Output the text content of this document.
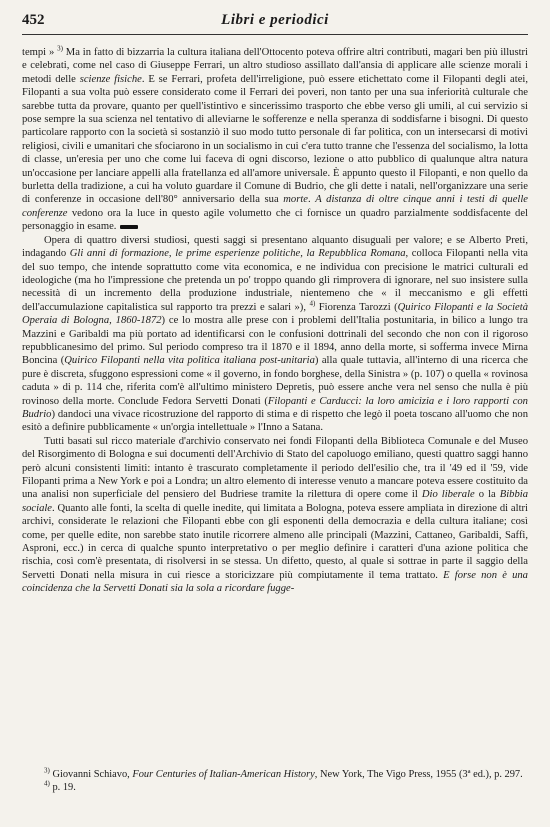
452	Libri e periodici

tempi » $^{3)}$ Ma in fatto di bizzarria la cultura italiana dell'Ottocento poteva offrire altri contributi, magari ben più illustri e celebrati, come nel caso di Giuseppe Ferrari, un altro studioso assillato dall'ansia di applicare alle scienze morali i metodi delle scienze fisiche. E se Ferrari, profeta dell'irreligione, può essere etichettato come il Filopanti degli atei, Filopanti a sua volta può essere considerato come il Ferrari dei poveri, non tanto per una sua inferiorità culturale che sarebbe tutta da provare, quanto per quell'istintivo e sincerissimo trasporto che ebbe verso gli umili, al cui servizio si pose sempre la sua scienza nel tentativo di alleviarne le sofferenze e nella speranza di soddisfarne i bisogni. Di questo particolare rapporto con la società si sostanziò il suo modo tutto personale di far politica, con un intersecarsi di motivi religiosi, civili e umanitari che sfociarono in un socialismo in cui c'era tutto tranne che l'essenza del socialismo, la lotta di classe, un'eresia per uno che come lui faceva di ogni discorso, lezione o atto pubblico di qualunque altra natura un'occasione per lanciare appelli alla fratellanza ed all'amore universale. È appunto questo il Filopanti, e non quello da burletta della tradizione, a cui ha voluto guardare il Comune di Budrio, che gli dette i natali, nell'organizzare una serie di conferenze in occasione dell'80° anniversario della sua morte. A distanza di oltre cinque anni i testi di quelle conferenze vedono ora la luce in questo agile volumetto che ci fornisce un quadro parzialmente soddisfacente del personaggio in esame.

Opera di quattro diversi studiosi, questi saggi si presentano alquanto disuguali per valore; e se Alberto Preti, indagando Gli anni di formazione, le prime esperienze politiche, la Repubblica Romana, colloca Filopanti nella vita del suo tempo, che intende soprattutto come vita economica, e ne individua con precisione le matrici culturali ed ideologiche (ma ho l'impressione che pretenda un po' troppo quando gli rimprovera di ignorare, nel suo insistere sulla necessità di un incremento della produzione industriale, nientemeno che « il meccanismo e gli effetti dell'accumulazione capitalistica sul rapporto tra prezzi e salari »), $^{4)}$ Fiorenza Tarozzi (Quirico Filopanti e la Società Operaia di Bologna, 1860-1872) ce lo mostra alle prese con i problemi dell'Italia postunitaria, in bilico a lungo tra Mazzini e Garibaldi ma più portato ad identificarsi con le confusioni dottrinali del secondo che non con il rigoroso repubblicanesimo del primo. Sul periodo compreso tra il 1870 e il 1894, anno della morte, si sofferma invece Mirna Boncina (Quirico Filopanti nella vita politica italiana post-unitaria) alla quale tuttavia, all'interno di una ricerca che pure è discreta, sfuggono espressioni come « il governo, in fondo borghese, della Sinistra » (p. 107) o quella « rovinosa caduta » di p. 114 che, riferita com'è all'ultimo ministero Depretis, può essere anche vera nel senso che nulla è più rovinoso della morte. Conclude Fedora Servetti Donati (Filopanti e Carducci: la loro amicizia e i loro rapporti con Budrio) dandoci una vivace ricostruzione del rapporto di stima e di rispetto che legò il poeta toscano all'uomo che non esitò a definire pubblicamente « un'orgia intellettuale » l'Inno a Satana.

Tutti basati sul ricco materiale d'archivio conservato nei fondi Filopanti della Biblioteca Comunale e del Museo del Risorgimento di Bologna e sui documenti dell'Archivio di Stato del capoluogo emiliano, questi quattro saggi hanno però alcuni consistenti limiti: intanto è trascurato completamente il periodo dell'esilio che, tra il '49 ed il '59, vide Filopanti prima a New York e poi a Londra; un altro elemento di interesse venuto a mancare poteva essere costituito da una analisi non superficiale del pensiero del Budriese tramite la rilettura di opere come il Dio liberale o la Bibbia sociale. Quanto alle fonti, la scelta di quelle inedite, qui limitata a Bologna, poteva essere ampliata in direzione di altri archivi, considerate le relazioni che Filopanti ebbe con gli esponenti della democrazia e della cultura italiane; così come, per quelle edite, non sarebbe stato inutile ricorrere almeno alle principali (Mazzini, Cattaneo, Garibaldi, Saffi, Asproni, ecc.) in cerca di qualche spunto interpretativo o per meglio definire i caratteri d'una azione politica che rischia, così com'è presentata, di risolversi in se stessa. Un difetto, questo, al quale si sottrae in parte il saggio della Servetti Donati nella misura in cui riesce a storicizzare più compiutamente il tema trattato. E forse non è una coincidenza che la Servetti Donati sia la sola a ricordare fugge-

$^{3)}$ Giovanni Schiavo, Four Centuries of Italian-American History, New York, The Vigo Press, 1955 (3ª ed.), p. 297.

$^{4)}$ p. 19.
